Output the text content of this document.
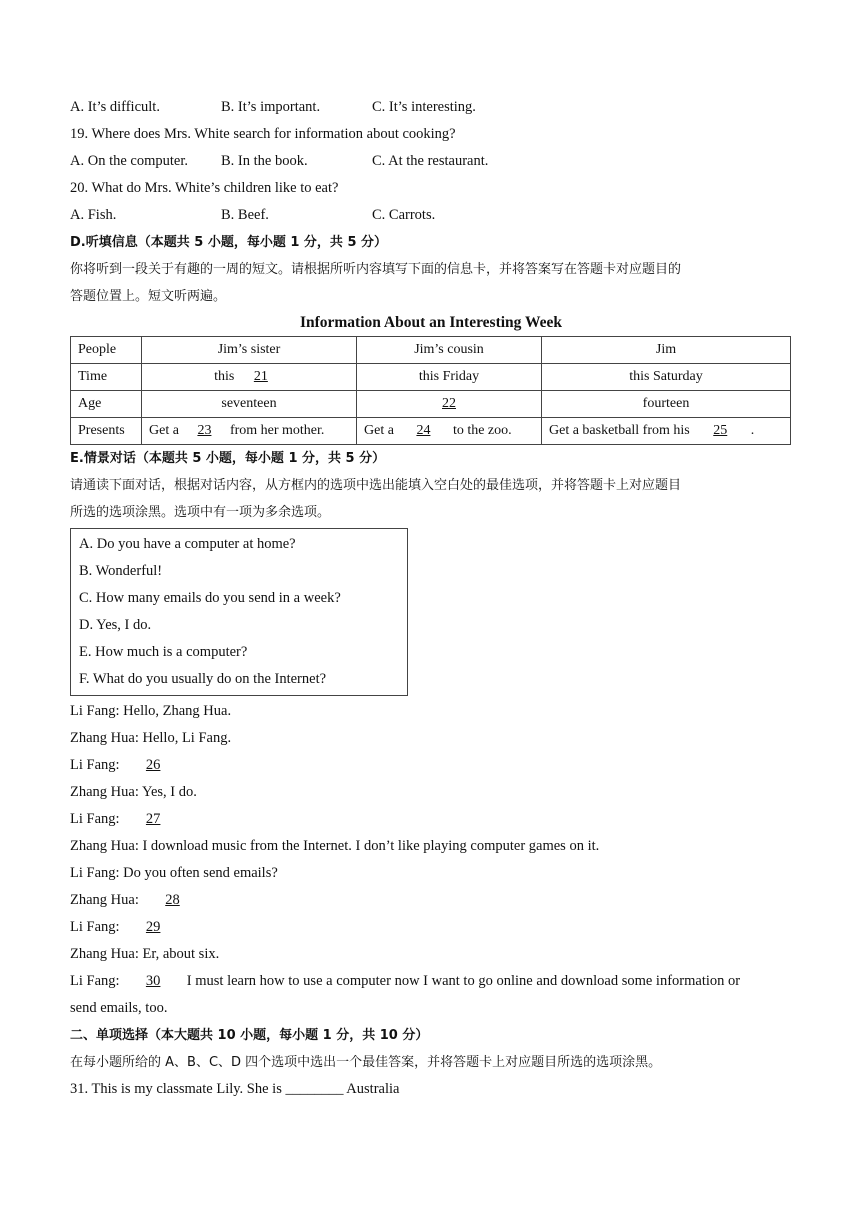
A. It’s difficult.	B. It’s important.	C. It’s interesting.
19. Where does Mrs. White search for information about cooking?
A. On the computer. B. In the book.	C. At the restaurant.
20. What do Mrs. White’s children like to eat?
A. Fish.	B. Beef.	C. Carrots.
D.听填信息（本题共 5 小题，每小题 1 分，共 5 分）
你将听到一段关于有趣的一周的短文。请根据所听内容填写下面的信息卡，并将答案写在答题卡对应题目的
答题位置上。短文听两遍。
Information About an Interesting Week
People	Jim’s sister	Jim’s cousin	Jim
Time	this 21	this Friday	this Saturday
Age	seventeen	22	fourteen
Presents	Get a 23 from her mother.	Get a 24 to the zoo.	Get a basketball from his 25 .
E.情景对话（本题共 5 小题，每小题 1 分，共 5 分）
请通读下面对话，根据对话内容，从方框内的选项中选出能填入空白处的最佳选项，并将答题卡上对应题目
所选的选项涂黑。选项中有一项为多余选项。
A. Do you have a computer at home?
B. Wonderful!
C. How many emails do you send in a week?
D. Yes, I do.
E. How much is a computer?
F. What do you usually do on the Internet?
Li Fang: Hello, Zhang Hua.
Zhang Hua: Hello, Li Fang.
Li Fang: 26
Zhang Hua: Yes, I do.
Li Fang: 27
Zhang Hua: I download music from the Internet. I don’t like playing computer games on it.
Li Fang: Do you often send emails?
Zhang Hua: 28
Li Fang: 29
Zhang Hua: Er, about six.
Li Fang: 30 I must learn how to use a computer now I want to go online and download some information or
send emails, too.
二、单项选择（本大题共 10 小题，每小题 1 分，共 10 分）
在每小题所给的 A、B、C、D 四个选项中选出一个最佳答案，并将答题卡上对应题目所选的选项涂黑。
31. This is my classmate Lily. She is ________ Australia
